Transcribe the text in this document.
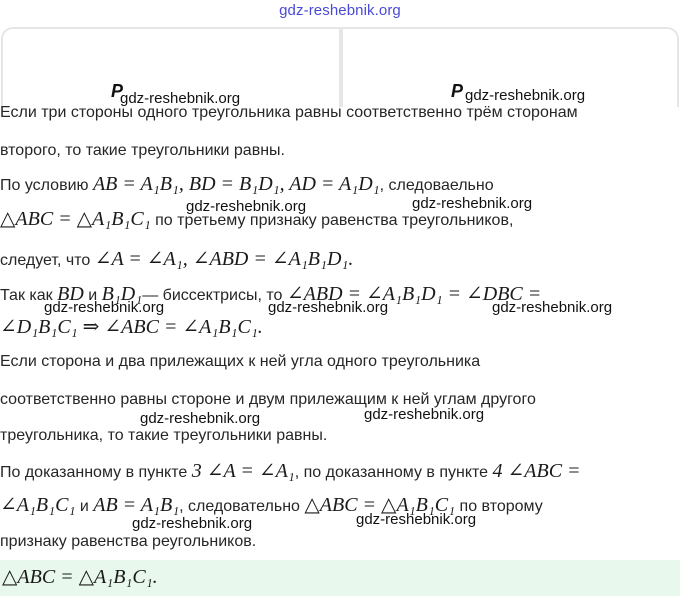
gdz-reshebnik.org
Р	Р
Если три стороны одного треугольника равны соответственно трём сторонам
второго, то такие треугольники равны.
По условию AB = A₁B₁, BD = B₁D₁, AD = A₁D₁, следоваельно
△ABC = △A₁B₁C₁ по третьему признаку равенства треугольников,
следует, что ∠A = ∠A₁, ∠ABD = ∠A₁B₁D₁.
Так как BD и B₁D₁— биссектрисы, то ∠ABD = ∠A₁B₁D₁ = ∠DBC =
∠D₁B₁C₁ ⇒ ∠ABC = ∠A₁B₁C₁.
Если сторона и два прилежащих к ней угла одного треугольника
соответственно равны стороне и двум прилежащим к ней углам другого
треугольника, то такие треугольники равны.
По доказанному в пункте 3 ∠A = ∠A₁, по доказанному в пункте 4 ∠ABC =
∠A₁B₁C₁ и AB = A₁B₁, следовательно △ABC = △A₁B₁C₁ по второму
признаку равенства реугольников.
△ABC = △A₁B₁C₁.
gdz-reshebnik.org	gdz-reshebnik.org
gdz-reshebnik.org	gdz-reshebnik.org
gdz-reshebnik.org	gdz-reshebnik.org	gdz-reshebnik.org
gdz-reshebnik.org	gdz-reshebnik.org
gdz-reshebnik.org	gdz-reshebnik.org
